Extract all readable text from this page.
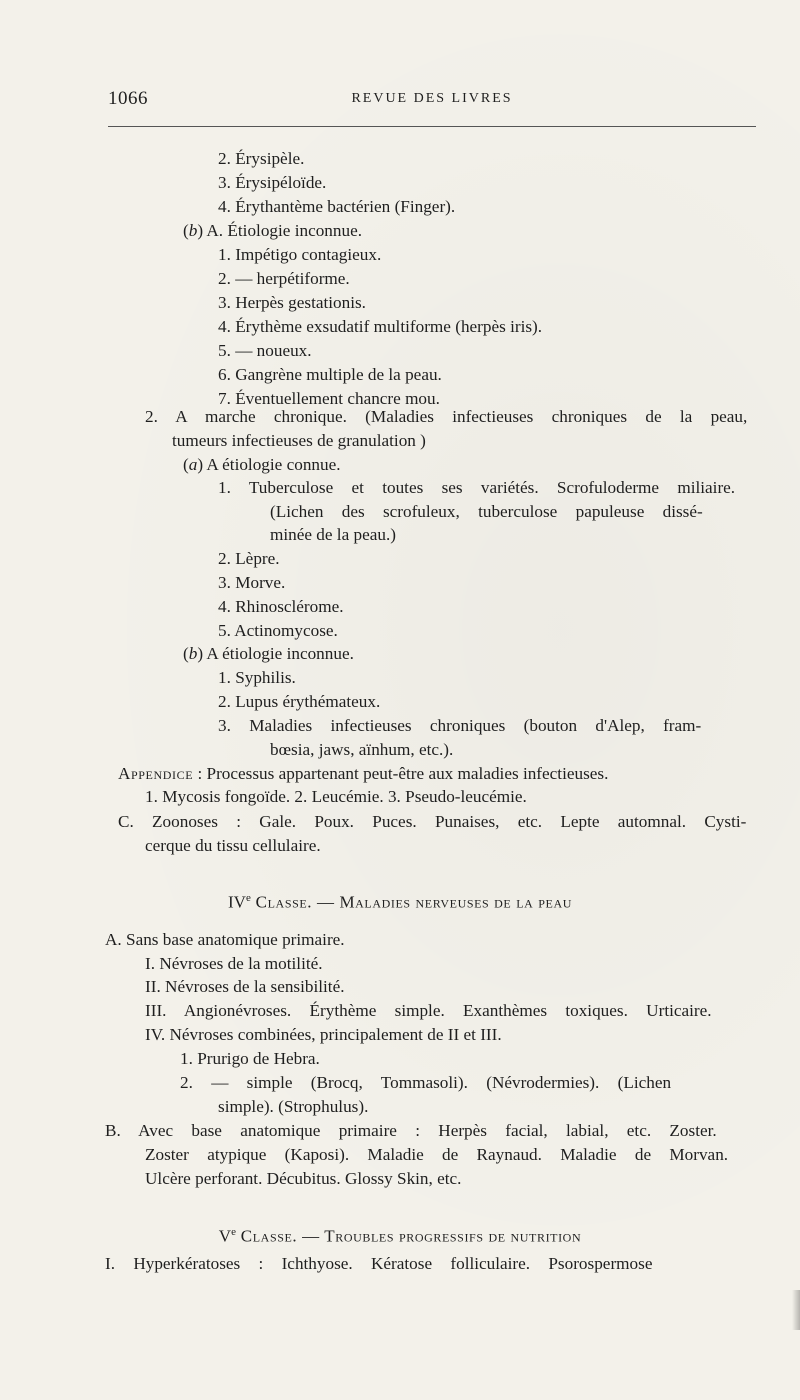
1066	REVUE DES LIVRES
2. Érysipèle.
3. Érysipéloïde.
4. Érythantème bactérien (Finger).
(b) A. Étiologie inconnue.
1. Impétigo contagieux.
2. — herpétiforme.
3. Herpès gestationis.
4. Érythème exsudatif multiforme (herpès iris).
5. — noueux.
6. Gangrène multiple de la peau.
7. Éventuellement chancre mou.
2. A marche chronique. (Maladies infectieuses chroniques de la peau,
tumeurs infectieuses de granulation )
(a) A étiologie connue.
1. Tuberculose et toutes ses variétés. Scrofuloderme miliaire.
(Lichen des scrofuleux, tuberculose papuleuse dissé-
minée de la peau.)
2. Lèpre.
3. Morve.
4. Rhinosclérome.
5. Actinomycose.
(b) A étiologie inconnue.
1. Syphilis.
2. Lupus érythémateux.
3. Maladies infectieuses chroniques (bouton d'Alep, fram-
bœsia, jaws, aïnhum, etc.).
Appendice : Processus appartenant peut-être aux maladies infectieuses.
1. Mycosis fongoïde. 2. Leucémie. 3. Pseudo-leucémie.
C. Zoonoses : Gale. Poux. Puces. Punaises, etc. Lepte automnal. Cysti-
cerque du tissu cellulaire.
A. Sans base anatomique primaire.
I. Névroses de la motilité.
II. Névroses de la sensibilité.
III. Angionévroses. Érythème simple. Exanthèmes toxiques. Urticaire.
IV. Névroses combinées, principalement de II et III.
1. Prurigo de Hebra.
2. — simple (Brocq, Tommasoli). (Névrodermies). (Lichen
simple). (Strophulus).
B. Avec base anatomique primaire : Herpès facial, labial, etc. Zoster.
Zoster atypique (Kaposi). Maladie de Raynaud. Maladie de Morvan.
Ulcère perforant. Décubitus. Glossy Skin, etc.
I. Hyperkératoses : Ichthyose. Kératose folliculaire. Psorospermose
IVe Classe. — Maladies nerveuses de la peau
Ve Classe. — Troubles progressifs de nutrition
